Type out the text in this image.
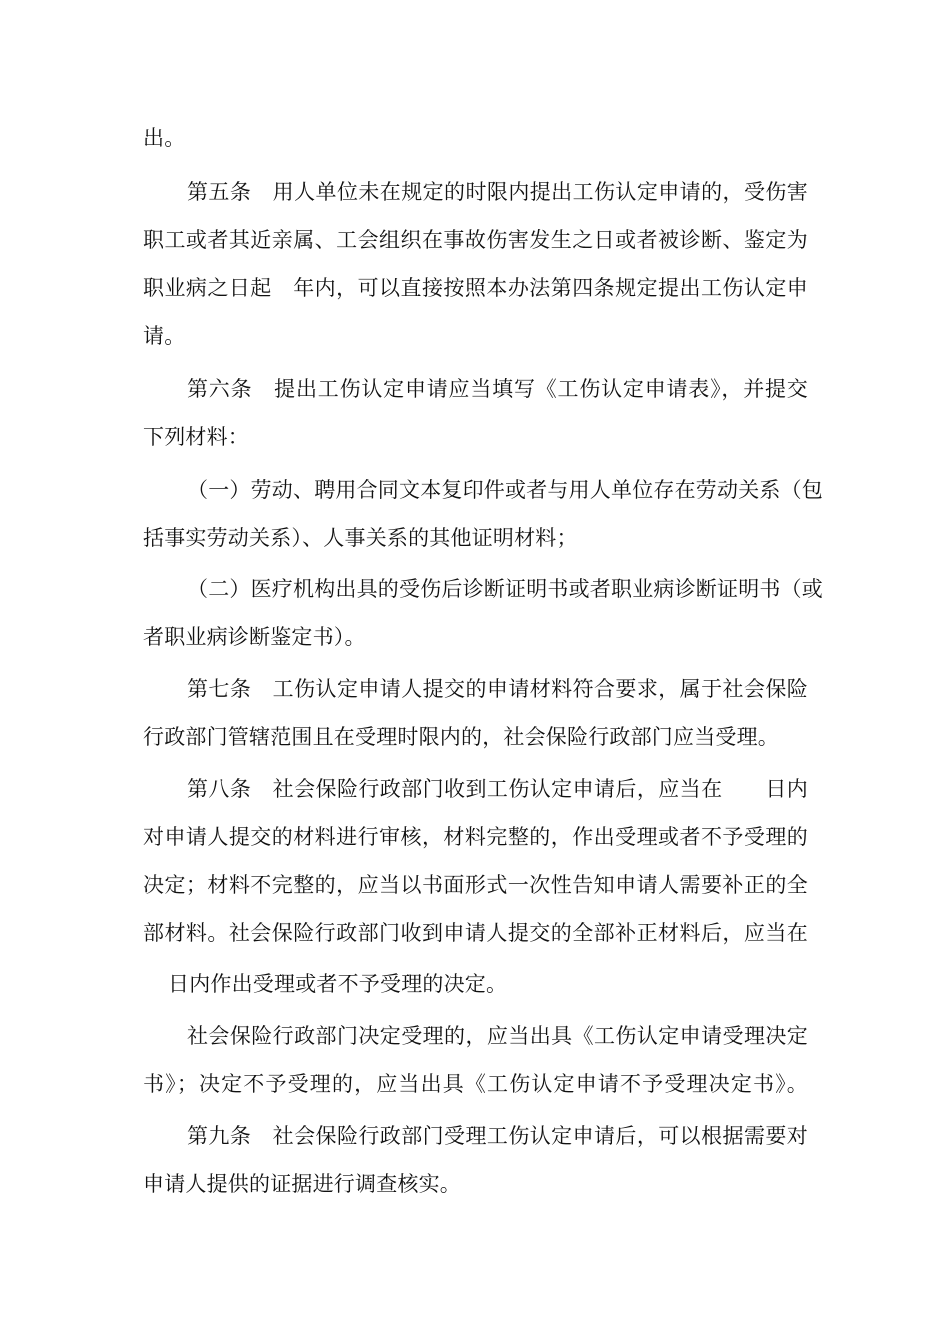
出。
第五条　用人单位未在规定的时限内提出工伤认定申请的，受伤害
职工或者其近亲属、工会组织在事故伤害发生之日或者被诊断、鉴定为
职业病之日起　年内，可以直接按照本办法第四条规定提出工伤认定申
请。
第六条　提出工伤认定申请应当填写《工伤认定申请表》，并提交
下列材料：
（一）劳动、聘用合同文本复印件或者与用人单位存在劳动关系（包
括事实劳动关系）、人事关系的其他证明材料；
（二）医疗机构出具的受伤后诊断证明书或者职业病诊断证明书（或
者职业病诊断鉴定书）。
第七条　工伤认定申请人提交的申请材料符合要求，属于社会保险
行政部门管辖范围且在受理时限内的，社会保险行政部门应当受理。
第八条　社会保险行政部门收到工伤认定申请后，应当在　　日内
对申请人提交的材料进行审核，材料完整的，作出受理或者不予受理的
决定；材料不完整的，应当以书面形式一次性告知申请人需要补正的全
部材料。社会保险行政部门收到申请人提交的全部补正材料后，应当在
日内作出受理或者不予受理的决定。
社会保险行政部门决定受理的，应当出具《工伤认定申请受理决定
书》；决定不予受理的，应当出具《工伤认定申请不予受理决定书》。
第九条　社会保险行政部门受理工伤认定申请后，可以根据需要对
申请人提供的证据进行调查核实。
